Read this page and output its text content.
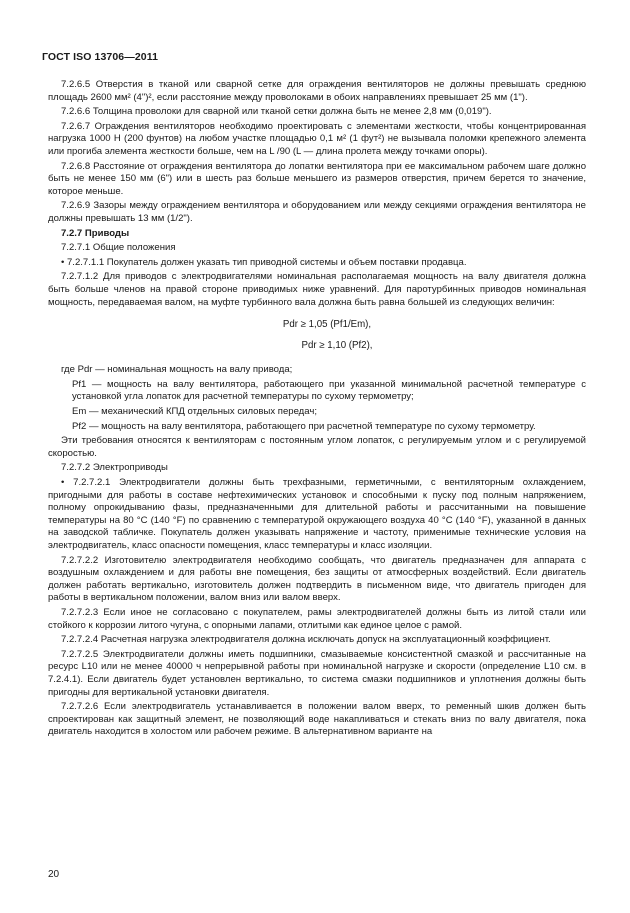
ГОСТ ISO 13706—2011

7.2.6.5 Отверстия в тканой или сварной сетке для ограждения вентиляторов не должны превышать среднюю площадь 2600 мм² (4")², если расстояние между проволоками в обоих направлениях превышает 25 мм (1").

7.2.6.6 Толщина проволоки для сварной или тканой сетки должна быть не менее 2,8 мм (0,019").

7.2.6.7 Ограждения вентиляторов необходимо проектировать с элементами жесткости, чтобы концентрированная нагрузка 1000 Н (200 фунтов) на любом участке площадью 0,1 м² (1 фут²) не вызывала поломки крепежного элемента или прогиба элемента жесткости больше, чем на L /90 (L — длина пролета между точками опоры).

7.2.6.8 Расстояние от ограждения вентилятора до лопатки вентилятора при ее максимальном рабочем шаге должно быть не менее 150 мм (6") или в шесть раз больше меньшего из размеров отверстия, причем берется то значение, которое меньше.

7.2.6.9 Зазоры между ограждением вентилятора и оборудованием или между секциями ограждения вентилятора не должны превышать 13 мм (1/2").

7.2.7 Приводы

7.2.7.1 Общие положения

• 7.2.7.1.1 Покупатель должен указать тип приводной системы и объем поставки продавца.

7.2.7.1.2 Для приводов с электродвигателями номинальная располагаемая мощность на валу двигателя должна быть больше членов на правой стороне приводимых ниже уравнений. Для паротурбинных приводов номинальная мощность, передаваемая валом, на муфте турбинного вала должна быть равна большей из следующих величин:

Pdr ≥ 1,05 (Pf1/Em),
Pdr ≥ 1,10 (Pf2),

где Pdr — номинальная мощность на валу привода;

Pf1 — мощность на валу вентилятора, работающего при указанной минимальной расчетной температуре с установкой угла лопаток для расчетной температуры по сухому термометру;

Em — механический КПД отдельных силовых передач;

Pf2 — мощность на валу вентилятора, работающего при расчетной температуре по сухому термометру.

Эти требования относятся к вентиляторам с постоянным углом лопаток, с регулируемым углом и с регулируемой скоростью.

7.2.7.2 Электроприводы

• 7.2.7.2.1 Электродвигатели должны быть трехфазными, герметичными, с вентиляторным охлаждением, пригодными для работы в составе нефтехимических установок и способными к пуску под полным напряжением, полному опрокидыванию фазы, предназначенными для длительной работы и рассчитанными на повышение температуры на 80 °С (140 °F) по сравнению с температурой окружающего воздуха 40 °С (140 °F), указанной в данных на заводской табличке. Покупатель должен указывать напряжение и частоту, применимые технические условия на электродвигатель, класс опасности помещения, класс температуры и класс изоляции.

7.2.7.2.2 Изготовителю электродвигателя необходимо сообщать, что двигатель предназначен для аппарата с воздушным охлаждением и для работы вне помещения, без защиты от атмосферных воздействий. Если двигатель должен работать вертикально, изготовитель должен подтвердить в письменном виде, что двигатель пригоден для работы в вертикальном положении, валом вниз или валом вверх.

7.2.7.2.3 Если иное не согласовано с покупателем, рамы электродвигателей должны быть из литой стали или стойкого к коррозии литого чугуна, с опорными лапами, отлитыми как единое целое с рамой.

7.2.7.2.4 Расчетная нагрузка электродвигателя должна исключать допуск на эксплуатационный коэффициент.

7.2.7.2.5 Электродвигатели должны иметь подшипники, смазываемые консистентной смазкой и рассчитанные на ресурс L10 или не менее 40000 ч непрерывной работы при номинальной нагрузке и скорости (определение L10 см. в 7.2.4.1). Если двигатель будет установлен вертикально, то система смазки подшипников и уплотнения должны быть пригодны для вертикальной установки двигателя.

7.2.7.2.6 Если электродвигатель устанавливается в положении валом вверх, то ременный шкив должен быть спроектирован как защитный элемент, не позволяющий воде накапливаться и стекать вниз по валу двигателя, пока двигатель находится в холостом или рабочем режиме. В альтернативном варианте на

20
